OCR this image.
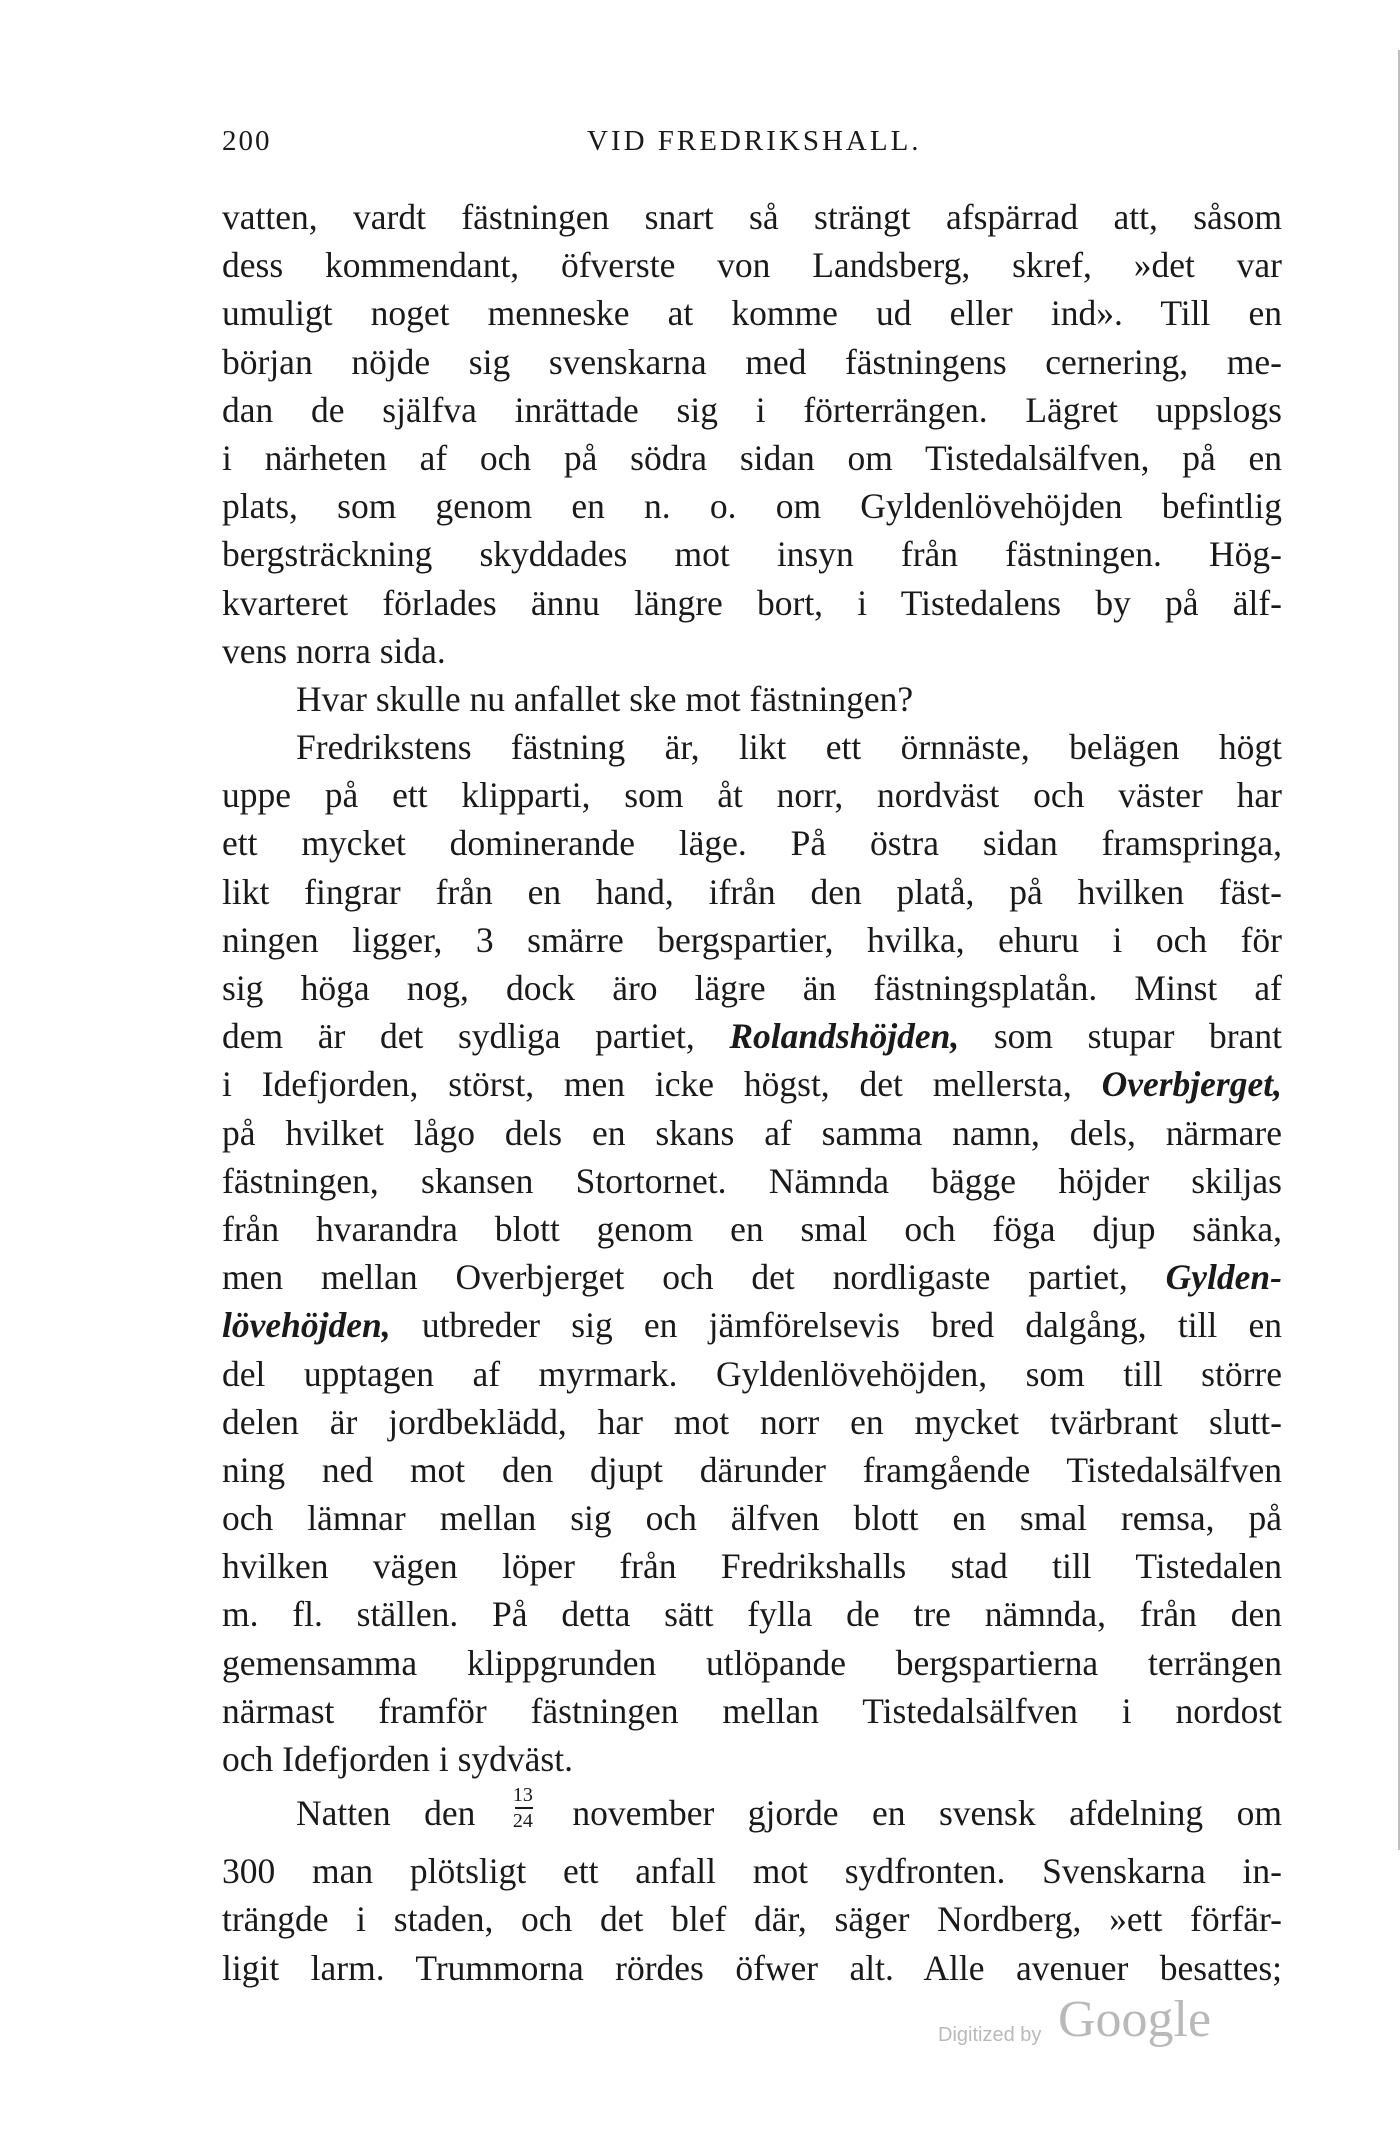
200	VID FREDRIKSHALL.
vatten, vardt fästningen snart så strängt afspärrad att, såsom
dess kommendant, öfverste von Landsberg, skref, »det var
umuligt noget menneske at komme ud eller ind». Till en
början nöjde sig svenskarna med fästningens cernering, me-
dan de själfva inrättade sig i förterrängen. Lägret uppslogs
i närheten af och på södra sidan om Tistedalsälfven, på en
plats, som genom en n. o. om Gyldenlövehöjden befintlig
bergsträckning skyddades mot insyn från fästningen. Hög-
kvarteret förlades ännu längre bort, i Tistedalens by på älf-
vens norra sida.
Hvar skulle nu anfallet ske mot fästningen?
Fredrikstens fästning är, likt ett örnnäste, belägen högt
uppe på ett klipparti, som åt norr, nordväst och väster har
ett mycket dominerande läge. På östra sidan framspringa,
likt fingrar från en hand, ifrån den platå, på hvilken fäst-
ningen ligger, 3 smärre bergspartier, hvilka, ehuru i och för
sig höga nog, dock äro lägre än fästningsplatån. Minst af
dem är det sydliga partiet, Rolandshöjden, som stupar brant
i Idefjorden, störst, men icke högst, det mellersta, Overbjerget,
på hvilket lågo dels en skans af samma namn, dels, närmare
fästningen, skansen Stortornet. Nämnda bägge höjder skiljas
från hvarandra blott genom en smal och föga djup sänka,
men mellan Overbjerget och det nordligaste partiet, Gylden-
lövehöjden, utbreder sig en jämförelsevis bred dalgång, till en
del upptagen af myrmark. Gyldenlövehöjden, som till större
delen är jordbeklädd, har mot norr en mycket tvärbrant slutt-
ning ned mot den djupt därunder framgående Tistedalsälfven
och lämnar mellan sig och älfven blott en smal remsa, på
hvilken vägen löper från Fredrikshalls stad till Tistedalen
m. fl. ställen. På detta sätt fylla de tre nämnda, från den
gemensamma klippgrunden utlöpande bergspartierna terrängen
närmast framför fästningen mellan Tistedalsälfven i nordost
och Idefjorden i sydväst.
Natten den $\frac{13}{24}$ november gjorde en svensk afdelning om
300 man plötsligt ett anfall mot sydfronten. Svenskarna in-
trängde i staden, och det blef där, säger Nordberg, »ett förfär-
ligit larm. Trummorna rördes öfwer alt. Alle avenuer besattes;
Digitized by Google
